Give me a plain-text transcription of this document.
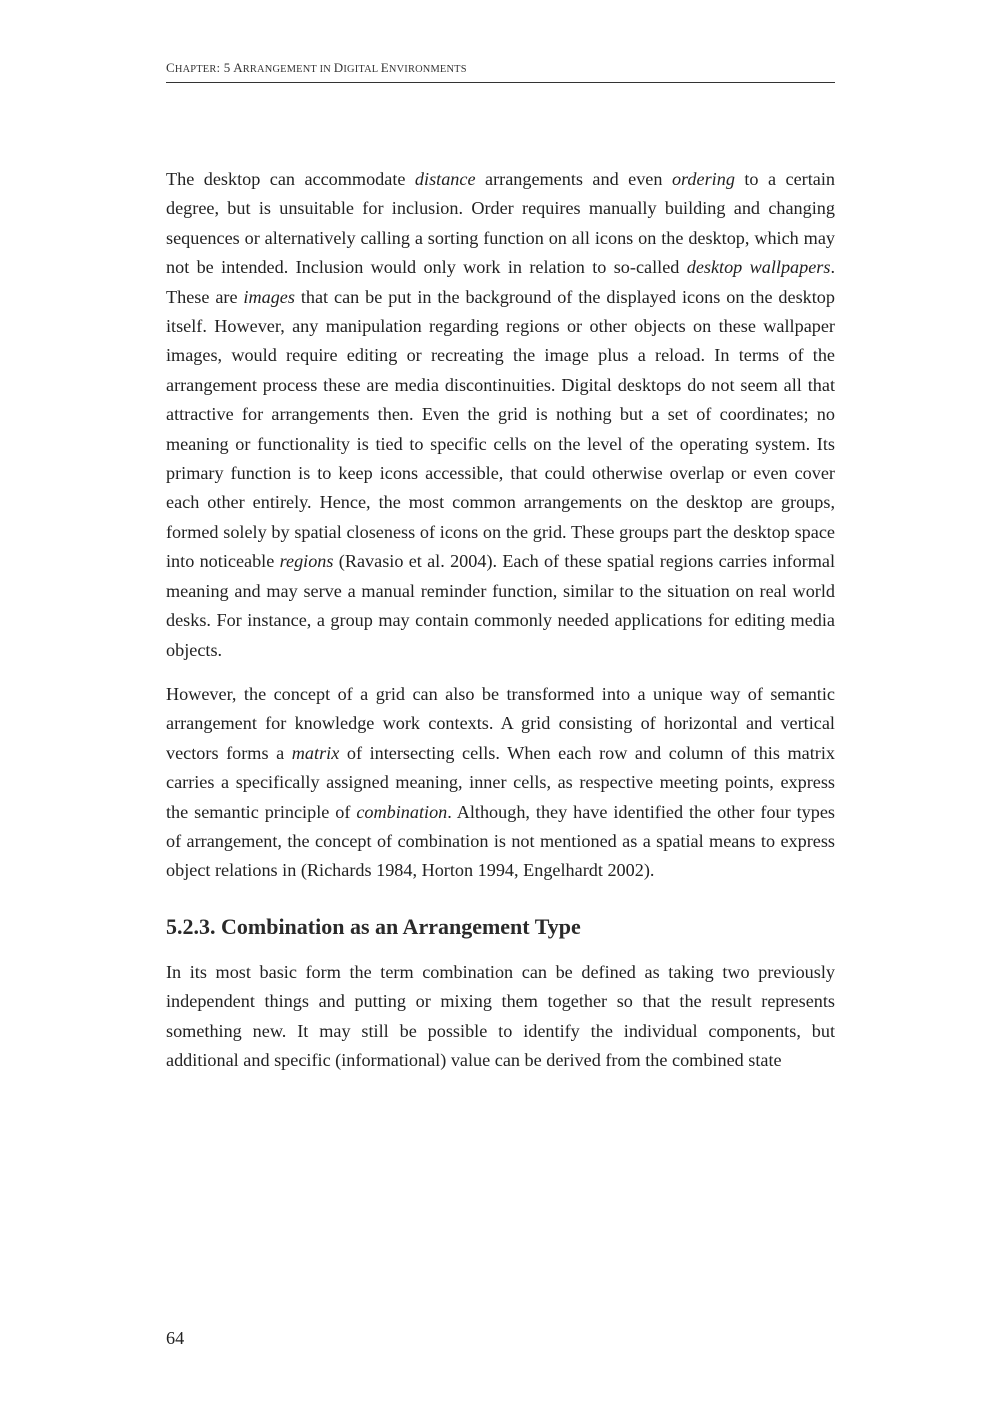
CHAPTER: 5 ARRANGEMENT IN DIGITAL ENVIRONMENTS

The desktop can accommodate distance arrangements and even ordering to a certain degree, but is unsuitable for inclusion. Order requires manually building and changing sequences or alternatively calling a sorting function on all icons on the desktop, which may not be intended. Inclusion would only work in relation to so-called desktop wallpapers. These are images that can be put in the background of the displayed icons on the desktop itself. However, any manipulation regarding regions or other objects on these wallpaper images, would require editing or recreating the image plus a reload. In terms of the arrangement process these are media discontinuities. Digital desktops do not seem all that attractive for arrangements then. Even the grid is nothing but a set of coordinates; no meaning or functionality is tied to specific cells on the level of the operating system. Its primary function is to keep icons accessible, that could otherwise overlap or even cover each other entirely. Hence, the most common arrangements on the desktop are groups, formed solely by spatial closeness of icons on the grid. These groups part the desktop space into noticeable regions (Ravasio et al. 2004). Each of these spatial regions carries informal meaning and may serve a manual reminder function, similar to the situation on real world desks. For instance, a group may contain commonly needed applications for editing media objects.

However, the concept of a grid can also be transformed into a unique way of semantic arrangement for knowledge work contexts. A grid consisting of horizontal and vertical vectors forms a matrix of intersecting cells. When each row and column of this matrix carries a specifically assigned meaning, inner cells, as respective meeting points, express the semantic principle of combination. Although, they have identified the other four types of arrangement, the concept of combination is not mentioned as a spatial means to express object relations in (Richards 1984, Horton 1994, Engelhardt 2002).

5.2.3. Combination as an Arrangement Type

In its most basic form the term combination can be defined as taking two previously independent things and putting or mixing them together so that the result represents something new. It may still be possible to identify the individual components, but additional and specific (informational) value can be derived from the combined state

64
